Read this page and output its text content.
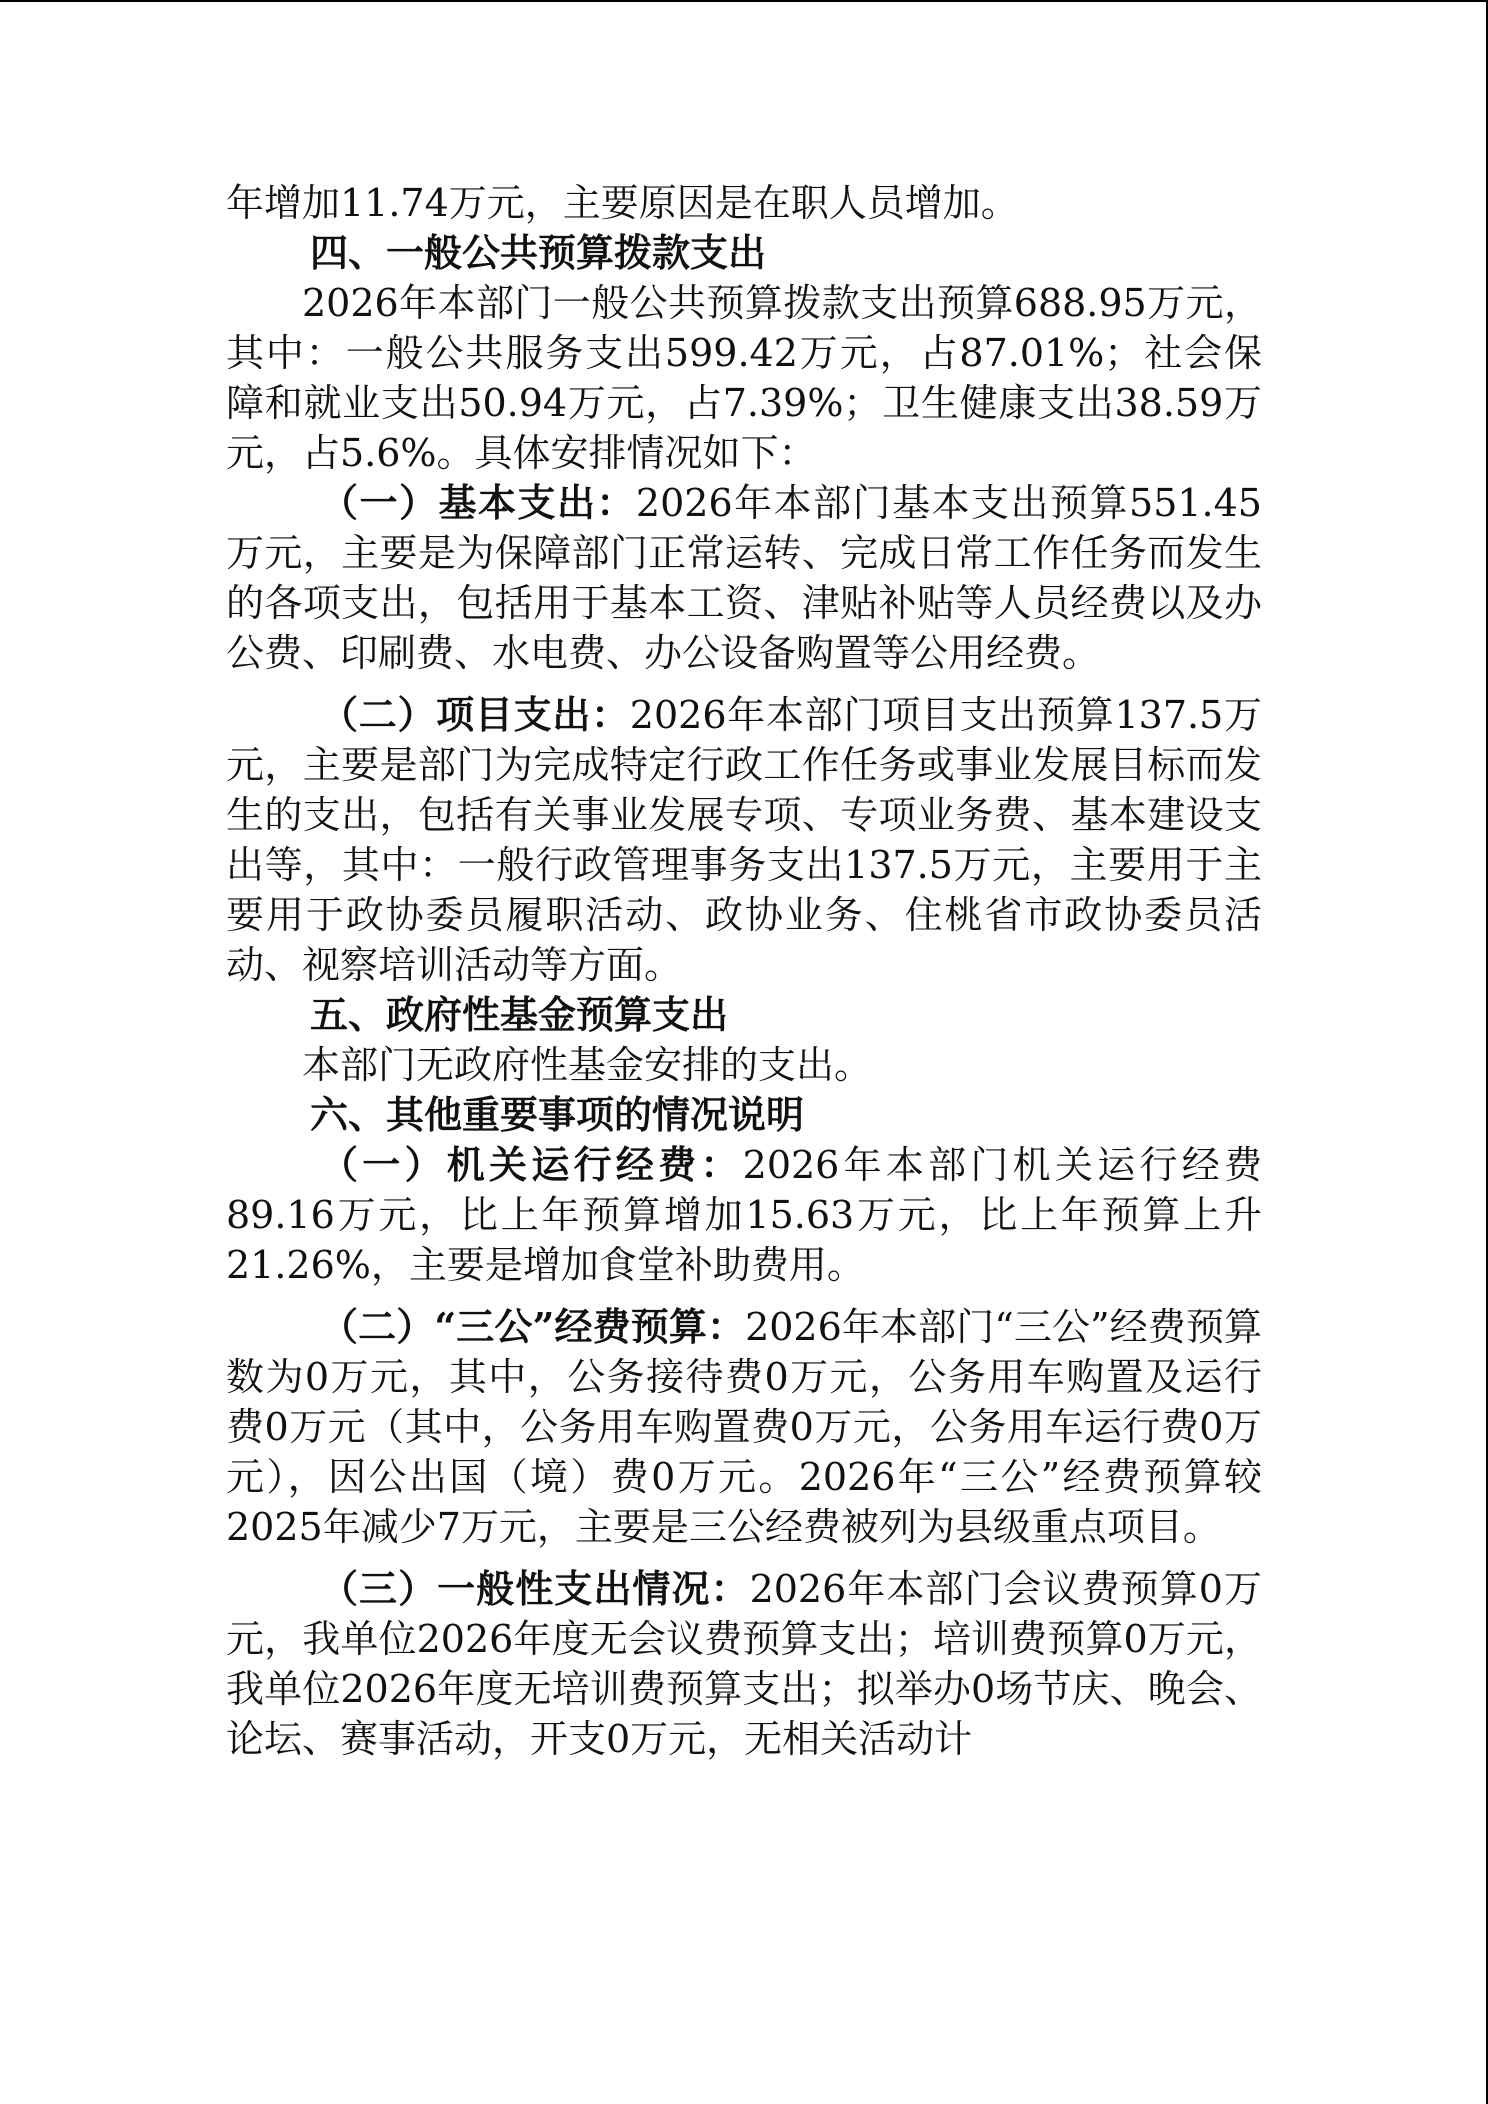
年增加11.74万元，主要原因是在职人员增加。

四、一般公共预算拨款支出

2026年本部门一般公共预算拨款支出预算688.95万元，其中：一般公共服务支出599.42万元，占87.01%；社会保障和就业支出50.94万元，占7.39%；卫生健康支出38.59万元，占5.6%。具体安排情况如下：

（一）基本支出：2026年本部门基本支出预算551.45万元，主要是为保障部门正常运转、完成日常工作任务而发生的各项支出，包括用于基本工资、津贴补贴等人员经费以及办公费、印刷费、水电费、办公设备购置等公用经费。

（二）项目支出：2026年本部门项目支出预算137.5万元，主要是部门为完成特定行政工作任务或事业发展目标而发生的支出，包括有关事业发展专项、专项业务费、基本建设支出等，其中：一般行政管理事务支出137.5万元，主要用于主要用于政协委员履职活动、政协业务、住桃省市政协委员活动、视察培训活动等方面。

五、政府性基金预算支出

本部门无政府性基金安排的支出。

六、其他重要事项的情况说明

（一）机关运行经费：2026年本部门机关运行经费89.16万元，比上年预算增加15.63万元，比上年预算上升21.26%，主要是增加食堂补助费用。

（二）“三公”经费预算：2026年本部门“三公”经费预算数为0万元，其中，公务接待费0万元，公务用车购置及运行费0万元（其中，公务用车购置费0万元，公务用车运行费0万元），因公出国（境）费0万元。2026年“三公”经费预算较2025年减少7万元，主要是三公经费被列为县级重点项目。

（三）一般性支出情况：2026年本部门会议费预算0万元，我单位2026年度无会议费预算支出；培训费预算0万元，我单位2026年度无培训费预算支出；拟举办0场节庆、晚会、论坛、赛事活动，开支0万元，无相关活动计
